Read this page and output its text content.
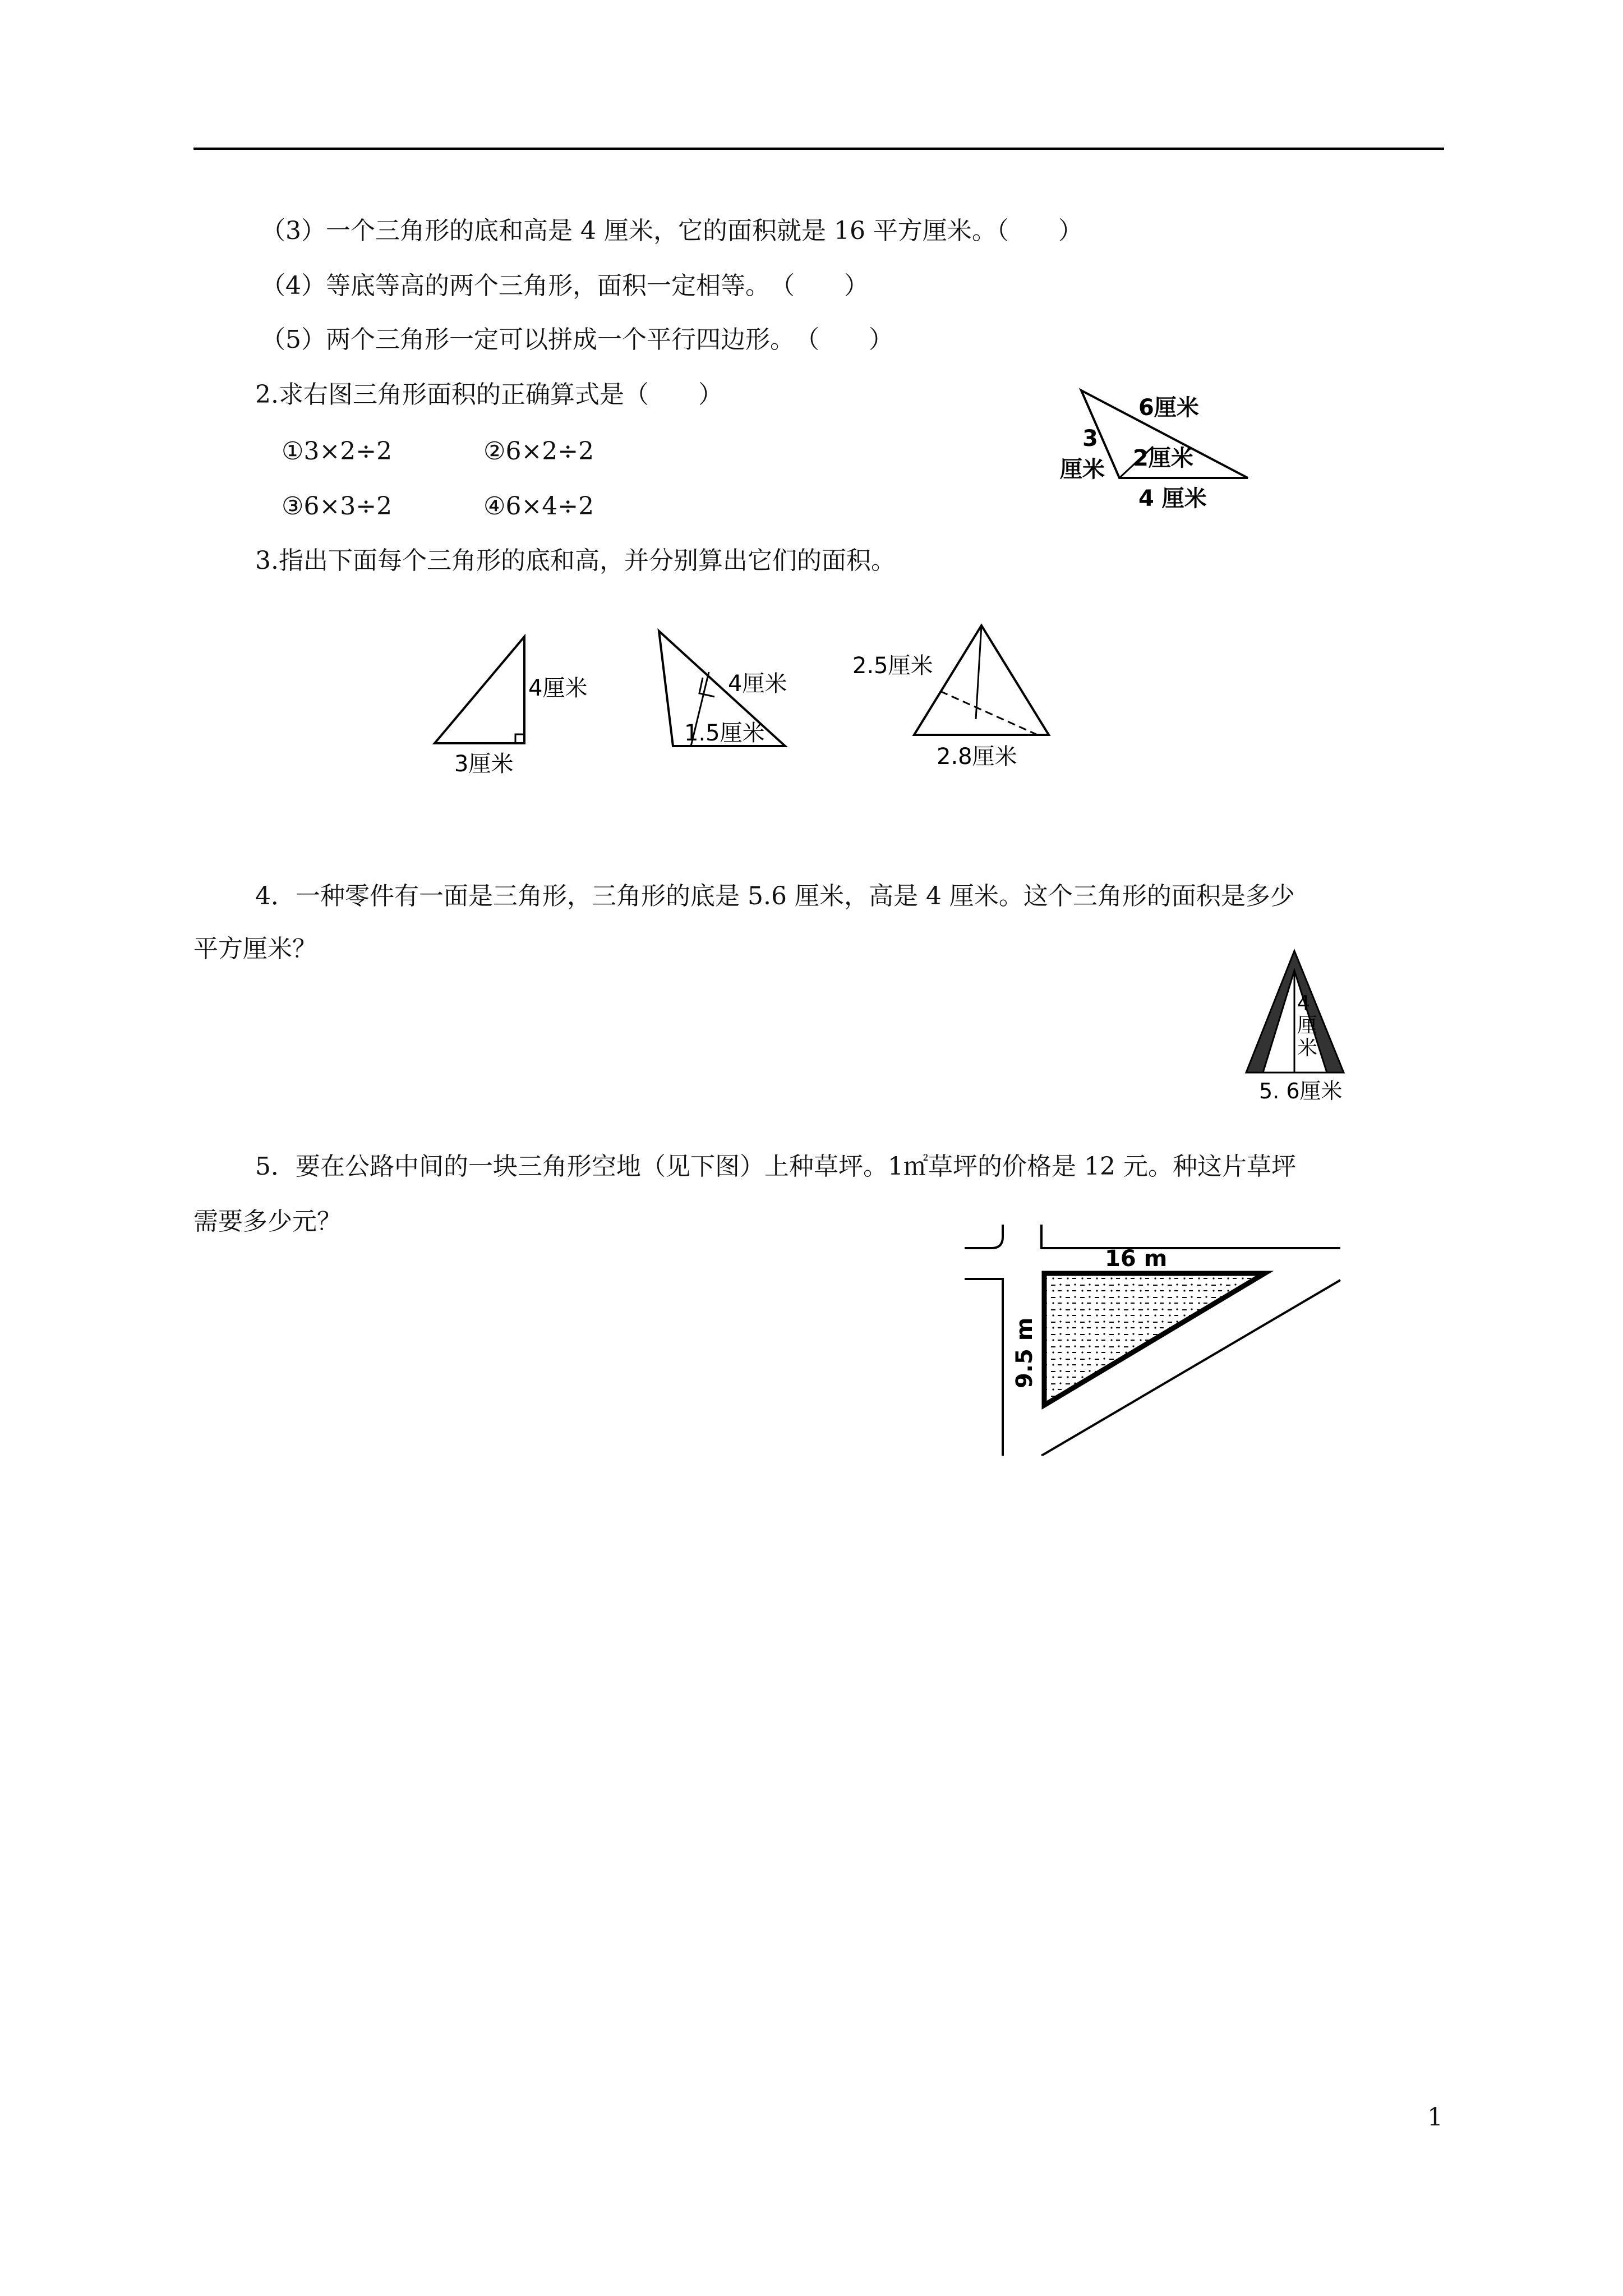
（3）一个三角形的底和高是 4 厘米，它的面积就是 16 平方厘米。（　　）
（4）等底等高的两个三角形，面积一定相等。　（　　）
（5）两个三角形一定可以拼成一个平行四边形。　（　　）
2.求右图三角形面积的正确算式是（　　）
①3×2÷2	②6×2÷2
③6×3÷2	④6×4÷2
3.指出下面每个三角形的底和高，并分别算出它们的面积。
4．一种零件有一面是三角形，三角形的底是 5.6 厘米，高是 4 厘米。这个三角形的面积是多少
平方厘米？
5．要在公路中间的一块三角形空地（见下图）上种草坪。1㎡草坪的价格是 12 元。种这片草坪
需要多少元？
6厘米
3
厘米 2厘米
4 厘米
4厘米
3厘米
4厘米
1.5厘米
2.5厘米
2.8厘米
4
厘
米
5. 6厘米
16 m
9.5 m
1
